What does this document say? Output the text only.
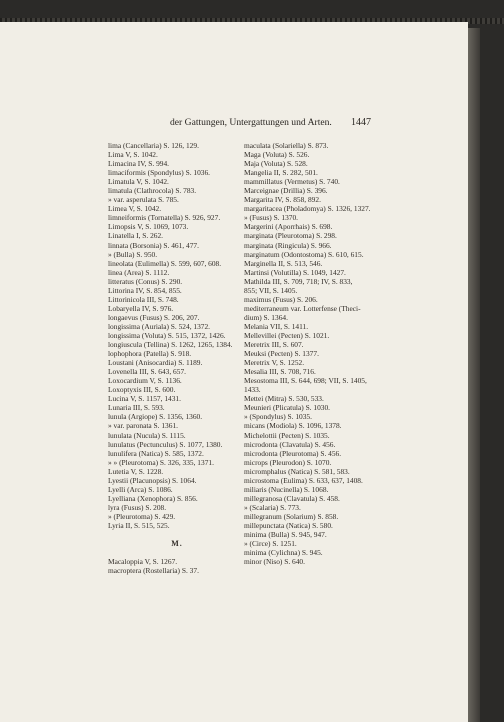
der Gattungen, Untergattungen und Arten. 1447
lima (Cancellaria) S. 126, 129.
Lima V, S. 1042.
Limacina IV, S. 994.
limaciformis (Spondylus) S. 1036.
Limatula V, S. 1042.
limatula (Clathrocola) S. 783.
» var. asperulata S. 785.
Limea V, S. 1042.
limneiformis (Tornatella) S. 926, 927.
Limopsis V, S. 1069, 1073.
Linatella I, S. 262.
linnata (Borsonia) S. 461, 477.
» (Bulla) S. 950.
lineolata (Eulimella) S. 599, 607, 608.
linea (Area) S. 1112.
litteratus (Conus) S. 290.
Littorina IV, S. 854, 855.
Littorinicola III, S. 748.
Lobaryella IV, S. 976.
longaevus (Fusus) S. 206, 207.
longissima (Auriala) S. 524, 1372.
longissima (Voluta) S. 515, 1372, 1426.
longiuscula (Tellina) S. 1262, 1265, 1384.
lophophora (Patella) S. 918.
Loustani (Anisocardia) S. 1189.
Lovenella III, S. 643, 657.
Loxocardium V, S. 1136.
Loxoptyxis III, S. 600.
Lucina V, S. 1157, 1431.
Lunaria III, S. 593.
lunula (Argiope) S. 1356, 1360.
» var. paronata S. 1361.
lunulata (Nucula) S. 1115.
lunulatus (Pectunculus) S. 1077, 1380.
lunulifera (Natica) S. 585, 1372.
» » (Pleurotoma) S. 326, 335, 1371.
Lutetia V, S. 1228.
Lyestii (Placunopsis) S. 1064.
Lyelli (Arca) S. 1086.
Lyelliana (Xenophora) S. 856.
lyra (Fusus) S. 208.
» (Pleurotoma) S. 429.
Lyria II, S. 515, 525.
M.
Macaloppia V, S. 1267.
macroptera (Rostellaria) S. 37.
maculata (Solariella) S. 873.
Maga (Voluta) S. 526.
Maja (Voluta) S. 528.
Mangelia II, S. 282, 501.
mammillatus (Vermetus) S. 740.
Marceignae (Drillia) S. 396.
Margarita IV, S. 858, 892.
margaritacea (Pholadomya) S. 1326, 1327.
» (Fusus) S. 1370.
Margerini (Aporrhais) S. 698.
marginata (Pleurotoma) S. 298.
marginata (Ringicula) S. 966.
marginatum (Odontostoma) S. 610, 615.
Marginella II, S. 513, 546.
Martinsi (Volutilla) S. 1049, 1427.
Mathilda III, S. 709, 718; IV, S. 833,
855; VII, S. 1405.
maximus (Fusus) S. 206.
mediterraneum var. Lotterfense (Theci-
dium) S. 1364.
Melania VII, S. 1411.
Mellevillei (Pecten) S. 1021.
Meretrix III, S. 607.
Meuksi (Pecten) S. 1377.
Meretrix V, S. 1252.
Mesalia III, S. 708, 716.
Mesostoma III, S. 644, 698; VII, S. 1405,
1433.
Mettei (Mitra) S. 530, 533.
Meunieri (Plicatula) S. 1030.
» (Spondylus) S. 1035.
micans (Modiola) S. 1096, 1378.
Michelottii (Pecten) S. 1035.
microdonta (Clavatula) S. 456.
microdonta (Pleurotoma) S. 456.
microps (Pleurodon) S. 1070.
micromphalus (Natica) S. 581, 583.
microstoma (Eulima) S. 633, 637, 1408.
miliaris (Nucinella) S. 1068.
millegranosa (Clavatula) S. 458.
» (Scalaria) S. 773.
millegranum (Solarium) S. 858.
millepunctata (Natica) S. 580.
minima (Bulla) S. 945, 947.
» (Circe) S. 1251.
minima (Cylichna) S. 945.
minor (Niso) S. 640.
